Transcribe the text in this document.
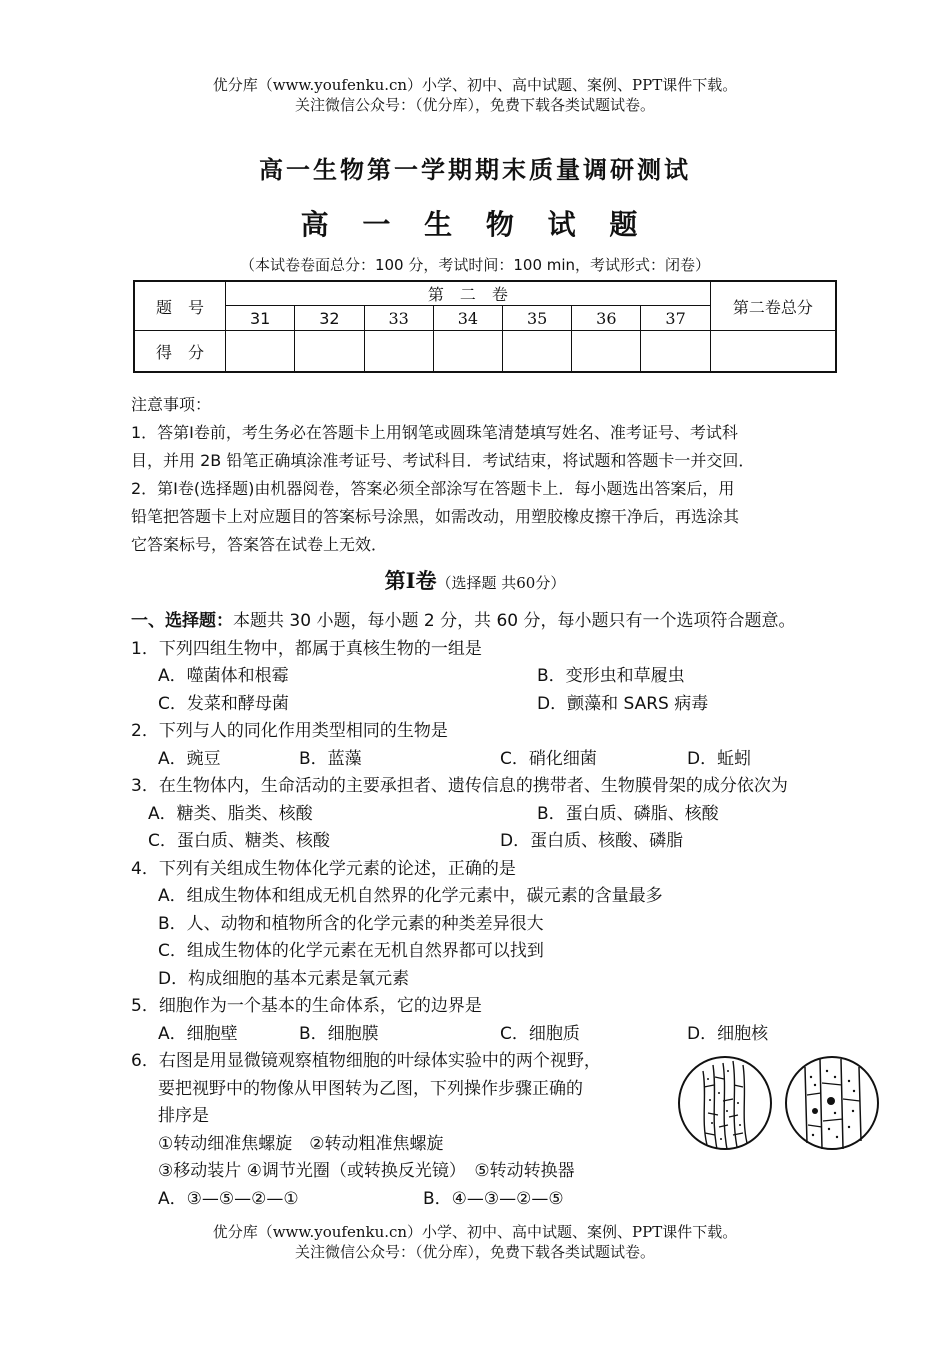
优分库（www.youfenku.cn）小学、初中、高中试题、案例、PPT课件下载。
关注微信公众号：（优分库），免费下载各类试题试卷。
高一生物第一学期期末质量调研测试
高 一 生 物 试 题
（本试卷卷面总分：100 分，考试时间：100 min，考试形式：闭卷）
题　号	第　二　卷							第二卷总分
	31	32	33	34	35	36	37	
得　分								

注意事项：

1．答第Ⅰ卷前，考生务必在答题卡上用钢笔或圆珠笔清楚填写姓名、准考证号、考试科

目，并用 2B 铅笔正确填涂准考证号、考试科目．考试结束，将试题和答题卡一并交回．

2．第Ⅰ卷(选择题)由机器阅卷，答案必须全部涂写在答题卡上．每小题选出答案后，用

铅笔把答题卡上对应题目的答案标号涂黑，如需改动，用塑胶橡皮擦干净后，再选涂其

它答案标号，答案答在试卷上无效．

第Ⅰ卷（选择题 共60分）
一、选择题：本题共 30 小题，每小题 2 分，共 60 分，每小题只有一个选项符合题意。
1．下列四组生物中，都属于真核生物的一组是
A．噬菌体和根霉	B．变形虫和草履虫
C．发菜和酵母菌	D．颤藻和 SARS 病毒
2．下列与人的同化作用类型相同的生物是
A．豌豆	B．蓝藻	C．硝化细菌	D．蚯蚓
3．在生物体内，生命活动的主要承担者、遗传信息的携带者、生物膜骨架的成分依次为
A．糖类、脂类、核酸	B．蛋白质、磷脂、核酸
C．蛋白质、糖类、核酸	D．蛋白质、核酸、磷脂
4．下列有关组成生物体化学元素的论述，正确的是
A．组成生物体和组成无机自然界的化学元素中，碳元素的含量最多
B．人、动物和植物所含的化学元素的种类差异很大
C．组成生物体的化学元素在无机自然界都可以找到
D．构成细胞的基本元素是氧元素
5．细胞作为一个基本的生命体系，它的边界是
A．细胞壁	B．细胞膜	C．细胞质	D．细胞核
6．右图是用显微镜观察植物细胞的叶绿体实验中的两个视野，
要把视野中的物像从甲图转为乙图，下列操作步骤正确的
排序是
①转动细准焦螺旋　②转动粗准焦螺旋
③移动装片 ④调节光圈（或转换反光镜）　⑤转动转换器
A．③—⑤—②—①	B．④—③—②—⑤
优分库（www.youfenku.cn）小学、初中、高中试题、案例、PPT课件下载。
关注微信公众号：（优分库），免费下载各类试题试卷。
